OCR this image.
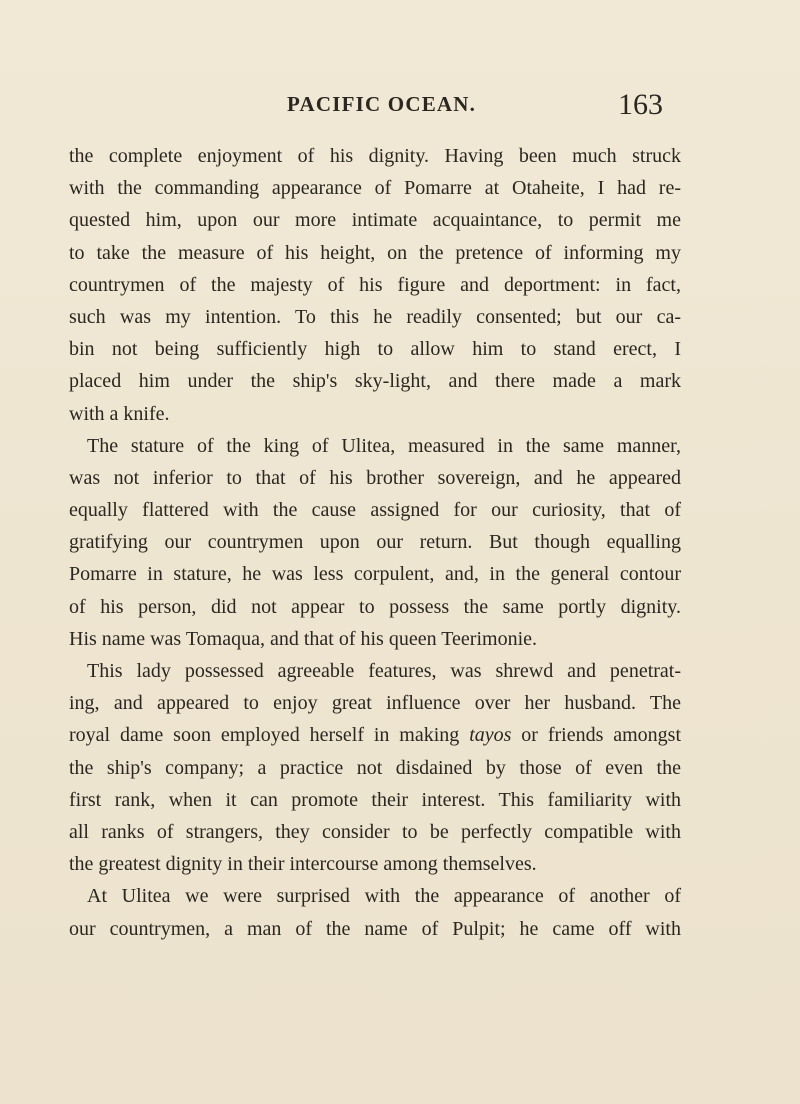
PACIFIC OCEAN.	163
the complete enjoyment of his dignity. Having been much struck
with the commanding appearance of Pomarre at Otaheite, I had re-
quested him, upon our more intimate acquaintance, to permit me
to take the measure of his height, on the pretence of informing my
countrymen of the majesty of his figure and deportment: in fact,
such was my intention. To this he readily consented; but our ca-
bin not being sufficiently high to allow him to stand erect, I
placed him under the ship's sky-light, and there made a mark
with a knife.
The stature of the king of Ulitea, measured in the same manner,
was not inferior to that of his brother sovereign, and he appeared
equally flattered with the cause assigned for our curiosity, that of
gratifying our countrymen upon our return. But though equalling
Pomarre in stature, he was less corpulent, and, in the general contour
of his person, did not appear to possess the same portly dignity.
His name was Tomaqua, and that of his queen Teerimonie.
This lady possessed agreeable features, was shrewd and penetrat-
ing, and appeared to enjoy great influence over her husband. The
royal dame soon employed herself in making tayos or friends amongst
the ship's company; a practice not disdained by those of even the
first rank, when it can promote their interest. This familiarity with
all ranks of strangers, they consider to be perfectly compatible with
the greatest dignity in their intercourse among themselves.
At Ulitea we were surprised with the appearance of another of
our countrymen, a man of the name of Pulpit; he came off with
